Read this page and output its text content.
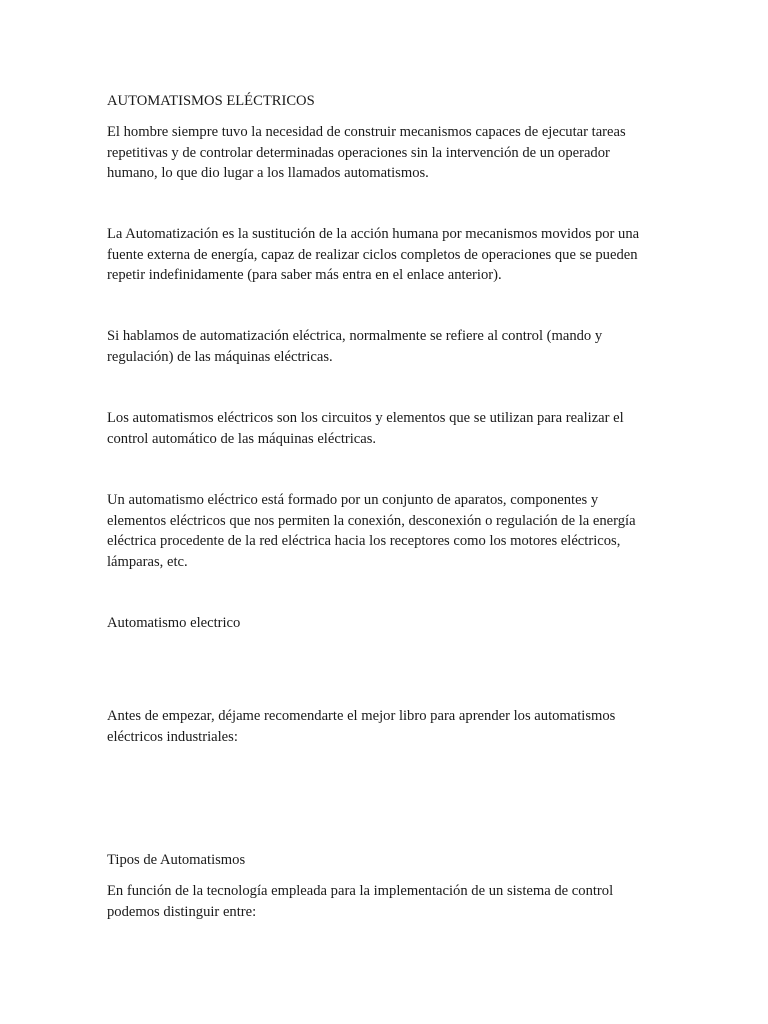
AUTOMATISMOS ELÉCTRICOS
El hombre siempre tuvo la necesidad de construir mecanismos capaces de ejecutar tareas
repetitivas y de controlar determinadas operaciones sin la intervención de un operador
humano, lo que dio lugar a los llamados automatismos.
La Automatización es la sustitución de la acción humana por mecanismos movidos por una
fuente externa de energía, capaz de realizar ciclos completos de operaciones que se pueden
repetir indefinidamente (para saber más entra en el enlace anterior).
Si hablamos de automatización eléctrica, normalmente se refiere al control (mando y
regulación) de las máquinas eléctricas.
Los automatismos eléctricos son los circuitos y elementos que se utilizan para realizar el
control automático de las máquinas eléctricas.
Un automatismo eléctrico está formado por un conjunto de aparatos, componentes y
elementos eléctricos que nos permiten la conexión, desconexión o regulación de la energía
eléctrica procedente de la red eléctrica hacia los receptores como los motores eléctricos,
lámparas, etc.
Automatismo electrico
Antes de empezar, déjame recomendarte el mejor libro para aprender los automatismos
eléctricos industriales:
Tipos de Automatismos
En función de la tecnología empleada para la implementación de un sistema de control
podemos distinguir entre:
